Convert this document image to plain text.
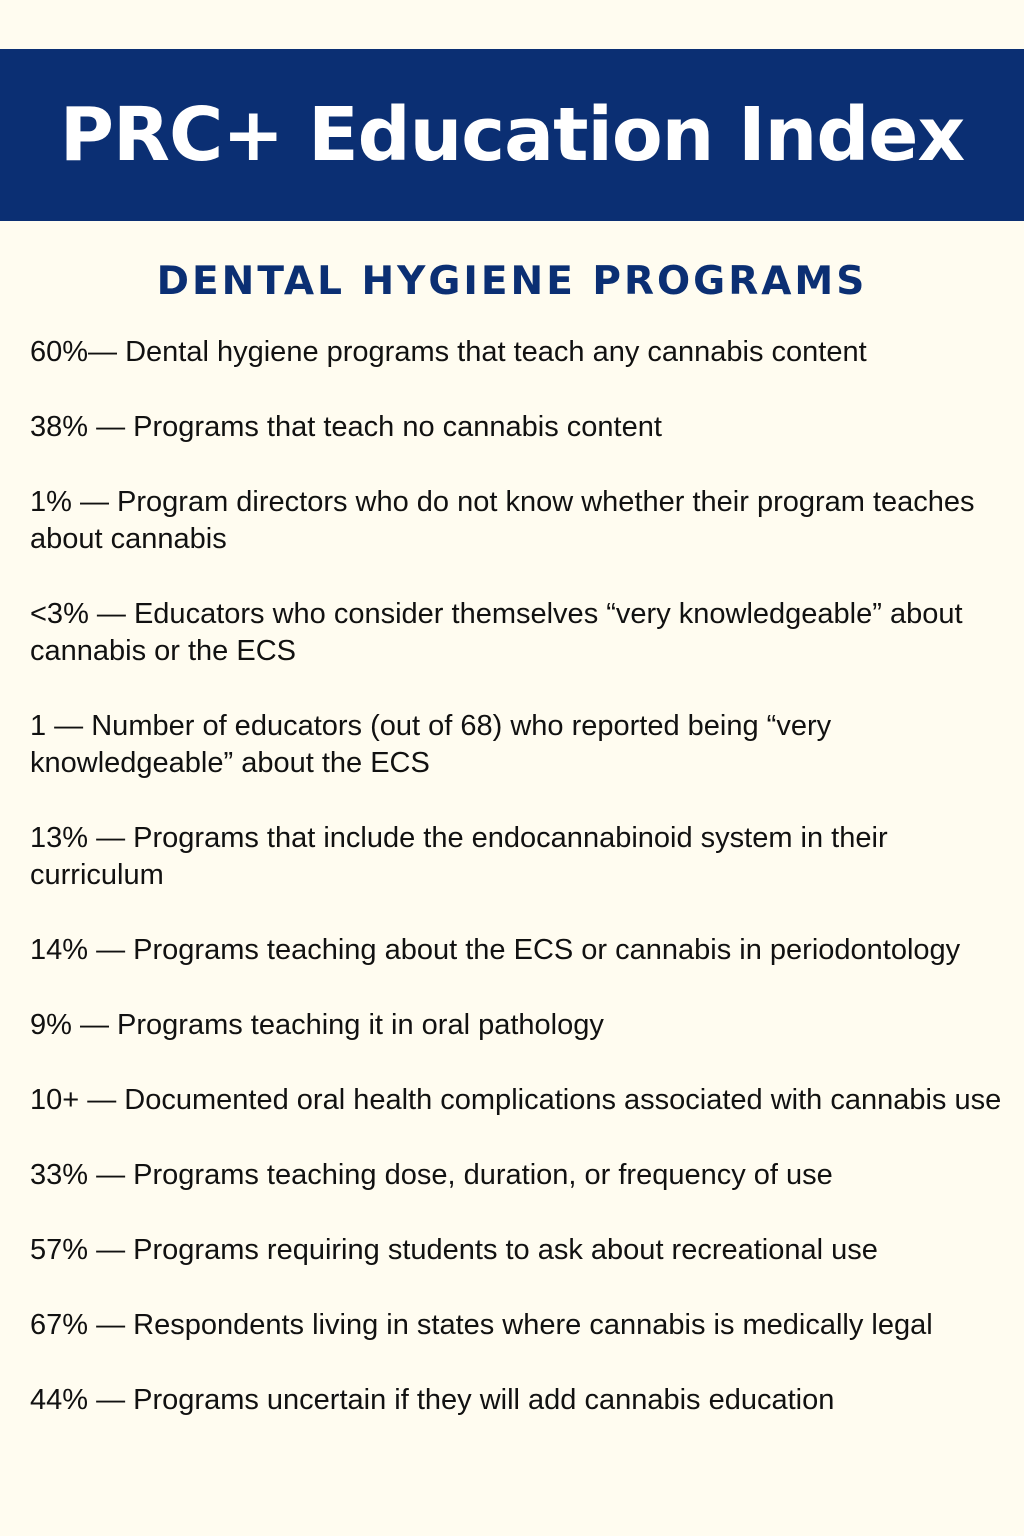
PRC+ Education Index
DENTAL HYGIENE PROGRAMS
60%— Dental hygiene programs that teach any cannabis content
38% — Programs that teach no cannabis content
1% — Program directors who do not know whether their program teaches about cannabis
<3% — Educators who consider themselves “very knowledgeable” about cannabis or the ECS
1 — Number of educators (out of 68) who reported being “very knowledgeable” about the ECS
13% — Programs that include the endocannabinoid system in their curriculum
14% — Programs teaching about the ECS or cannabis in periodontology
9% — Programs teaching it in oral pathology
10+ — Documented oral health complications associated with cannabis use
33% — Programs teaching dose, duration, or frequency of use
57% — Programs requiring students to ask about recreational use
67% — Respondents living in states where cannabis is medically legal
44% — Programs uncertain if they will add cannabis education
